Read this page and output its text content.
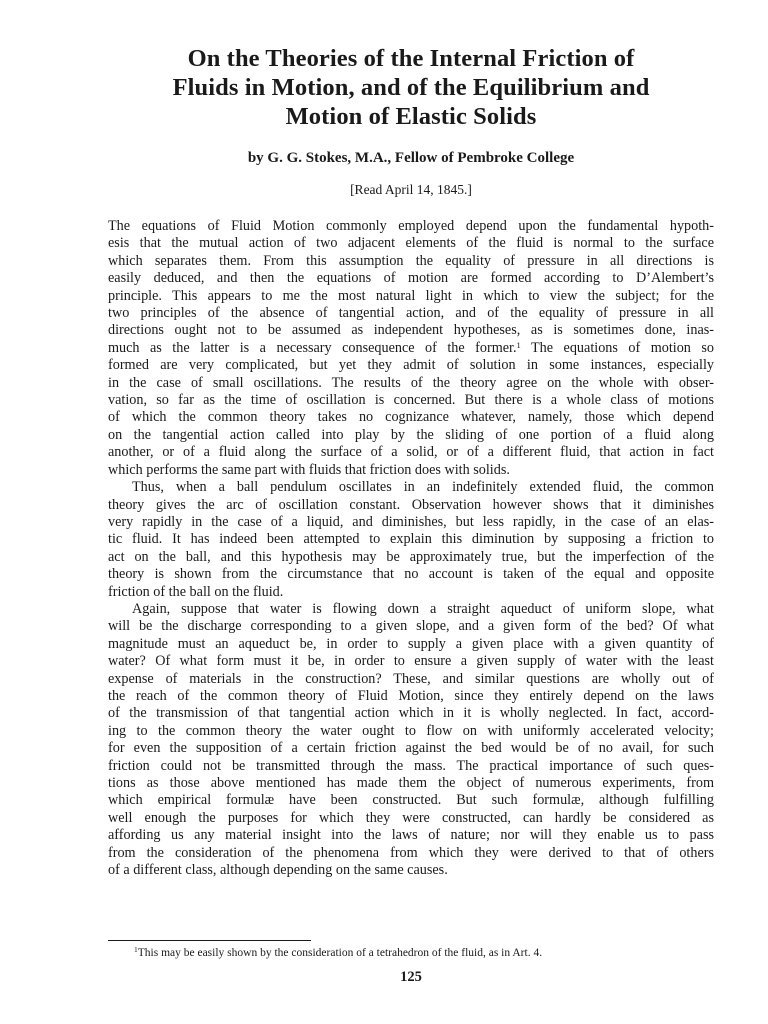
On the Theories of the Internal Friction of
Fluids in Motion, and of the Equilibrium and
Motion of Elastic Solids
by G. G. Stokes, M.A., Fellow of Pembroke College
[Read April 14, 1845.]

The equations of Fluid Motion commonly employed depend upon the fundamental hypoth-
esis that the mutual action of two adjacent elements of the fluid is normal to the surface
which separates them. From this assumption the equality of pressure in all directions is
easily deduced, and then the equations of motion are formed according to D’Alembert’s
principle. This appears to me the most natural light in which to view the subject; for the
two principles of the absence of tangential action, and of the equality of pressure in all
directions ought not to be assumed as independent hypotheses, as is sometimes done, inas-
much as the latter is a necessary consequence of the former.$^1$ The equations of motion so
formed are very complicated, but yet they admit of solution in some instances, especially
in the case of small oscillations. The results of the theory agree on the whole with obser-
vation, so far as the time of oscillation is concerned. But there is a whole class of motions
of which the common theory takes no cognizance whatever, namely, those which depend
on the tangential action called into play by the sliding of one portion of a fluid along
another, or of a fluid along the surface of a solid, or of a different fluid, that action in fact
which performs the same part with fluids that friction does with solids.

Thus, when a ball pendulum oscillates in an indefinitely extended fluid, the common
theory gives the arc of oscillation constant. Observation however shows that it diminishes
very rapidly in the case of a liquid, and diminishes, but less rapidly, in the case of an elas-
tic fluid. It has indeed been attempted to explain this diminution by supposing a friction to
act on the ball, and this hypothesis may be approximately true, but the imperfection of the
theory is shown from the circumstance that no account is taken of the equal and opposite
friction of the ball on the fluid.

Again, suppose that water is flowing down a straight aqueduct of uniform slope, what
will be the discharge corresponding to a given slope, and a given form of the bed? Of what
magnitude must an aqueduct be, in order to supply a given place with a given quantity of
water? Of what form must it be, in order to ensure a given supply of water with the least
expense of materials in the construction? These, and similar questions are wholly out of
the reach of the common theory of Fluid Motion, since they entirely depend on the laws
of the transmission of that tangential action which in it is wholly neglected. In fact, accord-
ing to the common theory the water ought to flow on with uniformly accelerated velocity;
for even the supposition of a certain friction against the bed would be of no avail, for such
friction could not be transmitted through the mass. The practical importance of such ques-
tions as those above mentioned has made them the object of numerous experiments, from
which empirical formulæ have been constructed. But such formulæ, although fulfilling
well enough the purposes for which they were constructed, can hardly be considered as
affording us any material insight into the laws of nature; nor will they enable us to pass
from the consideration of the phenomena from which they were derived to that of others
of a different class, although depending on the same causes.

$^1$This may be easily shown by the consideration of a tetrahedron of the fluid, as in Art. 4.
125
